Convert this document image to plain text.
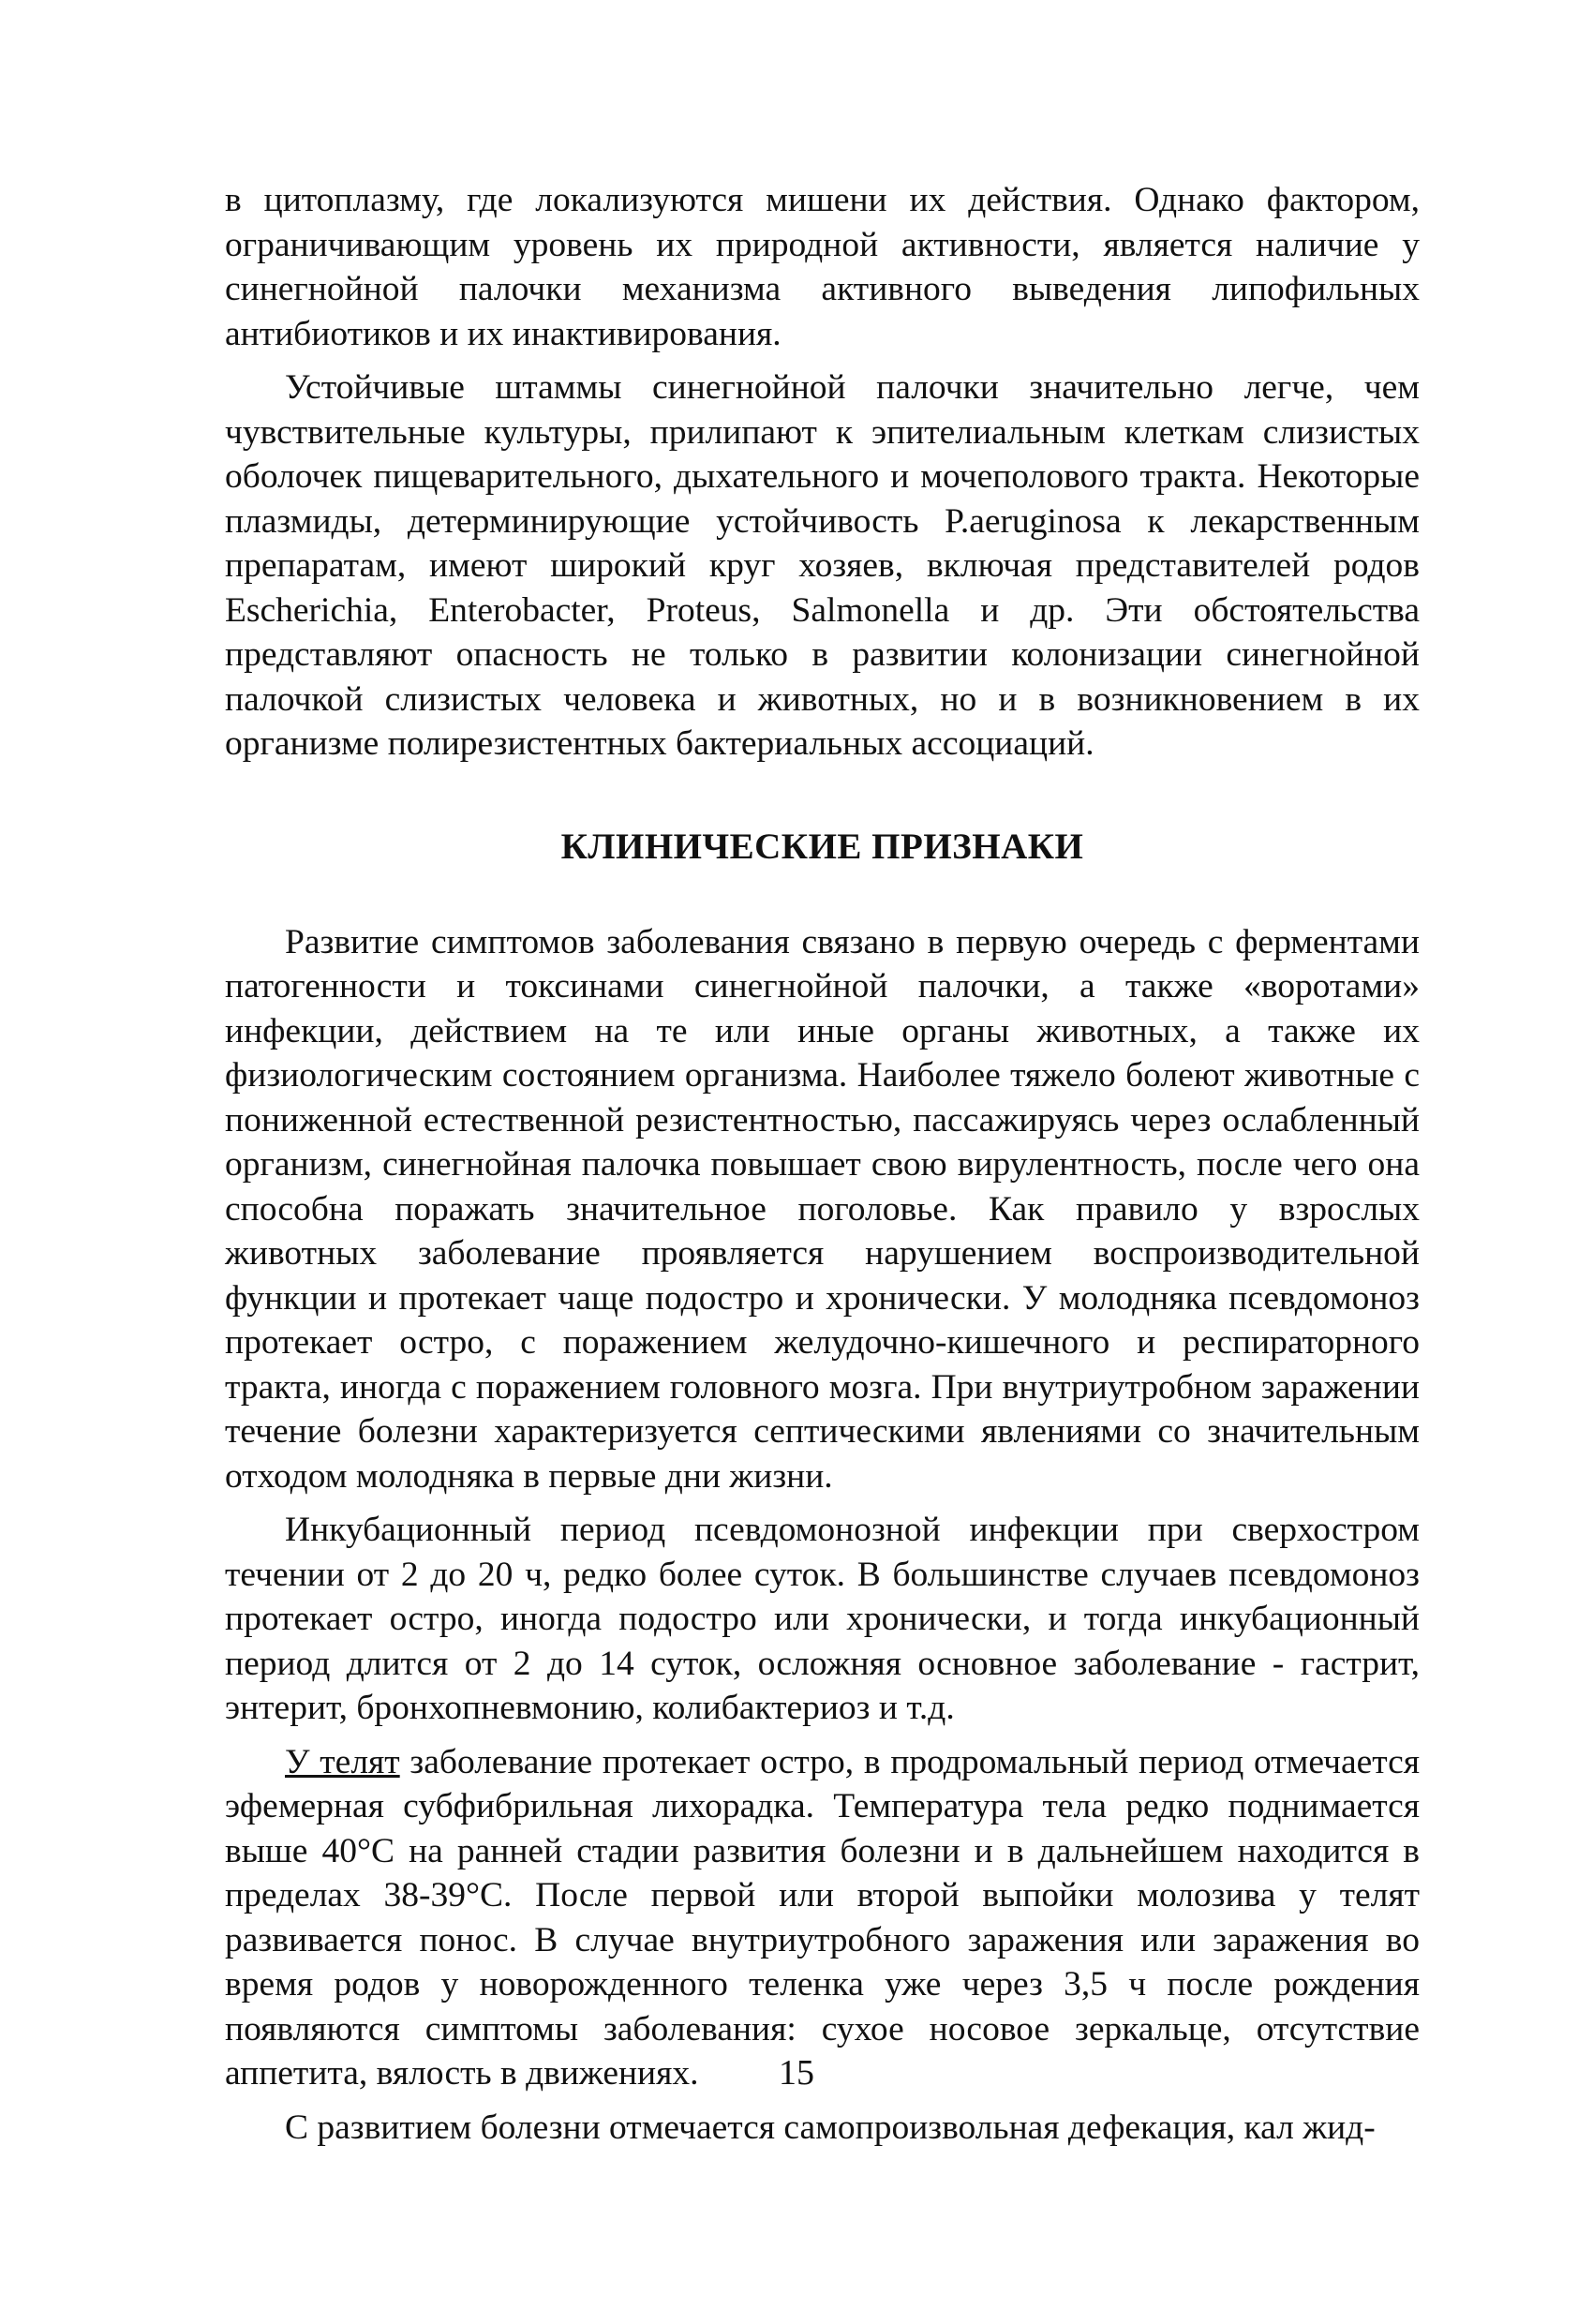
в цитоплазму, где локализуются мишени их действия. Однако фактором, ограничивающим уровень их природной активности, является наличие у синегнойной палочки механизма активного выведения липофильных антибиотиков и их инактивирования.

Устойчивые штаммы синегнойной палочки значительно легче, чем чувствительные культуры, прилипают к эпителиальным клеткам слизистых оболочек пищеварительного, дыхательного и мочеполового тракта. Некоторые плазмиды, детерминирующие устойчивость P.aeruginosa к лекарственным препаратам, имеют широкий круг хозяев, включая представителей родов Escherichia, Enterobacter, Proteus, Salmonella и др. Эти обстоятельства представляют опасность не только в развитии колонизации синегнойной палочкой слизистых человека и животных, но и в возникновением в их организме полирезистентных бактериальных ассоциаций.

КЛИНИЧЕСКИЕ ПРИЗНАКИ

Развитие симптомов заболевания связано в первую очередь с ферментами патогенности и токсинами синегнойной палочки, а также «воротами» инфекции, действием на те или иные органы животных, а также их физиологическим состоянием организма. Наиболее тяжело болеют животные с пониженной естественной резистентностью, пассажируясь через ослабленный организм, синегнойная палочка повышает свою вирулентность, после чего она способна поражать значительное поголовье. Как правило у взрослых животных заболевание проявляется нарушением воспроизводительной функции и протекает чаще подостро и хронически. У молодняка псевдомоноз протекает остро, с поражением желудочно-кишечного и респираторного тракта, иногда с поражением головного мозга. При внутриутробном заражении течение болезни характеризуется септическими явлениями со значительным отходом молодняка в первые дни жизни.

Инкубационный период псевдомонозной инфекции при сверхостром течении от 2 до 20 ч, редко более суток. В большинстве случаев псевдомоноз протекает остро, иногда подостро или хронически, и тогда инкубационный период длится от 2 до 14 суток, осложняя основное заболевание - гастрит, энтерит, бронхопневмонию, колибактериоз и т.д.

У телят заболевание протекает остро, в продромальный период отмечается эфемерная субфибрильная лихорадка. Температура тела редко поднимается выше 40°С на ранней стадии развития болезни и в дальнейшем находится в пределах 38-39°С. После первой или второй выпойки молозива у телят развивается понос. В случае внутриутробного заражения или заражения во время родов у новорожденного теленка уже через 3,5 ч после рождения появляются симптомы заболевания: сухое носовое зеркальце, отсутствие аппетита, вялость в движениях.

С развитием болезни отмечается самопроизвольная дефекация, кал жид-

15
